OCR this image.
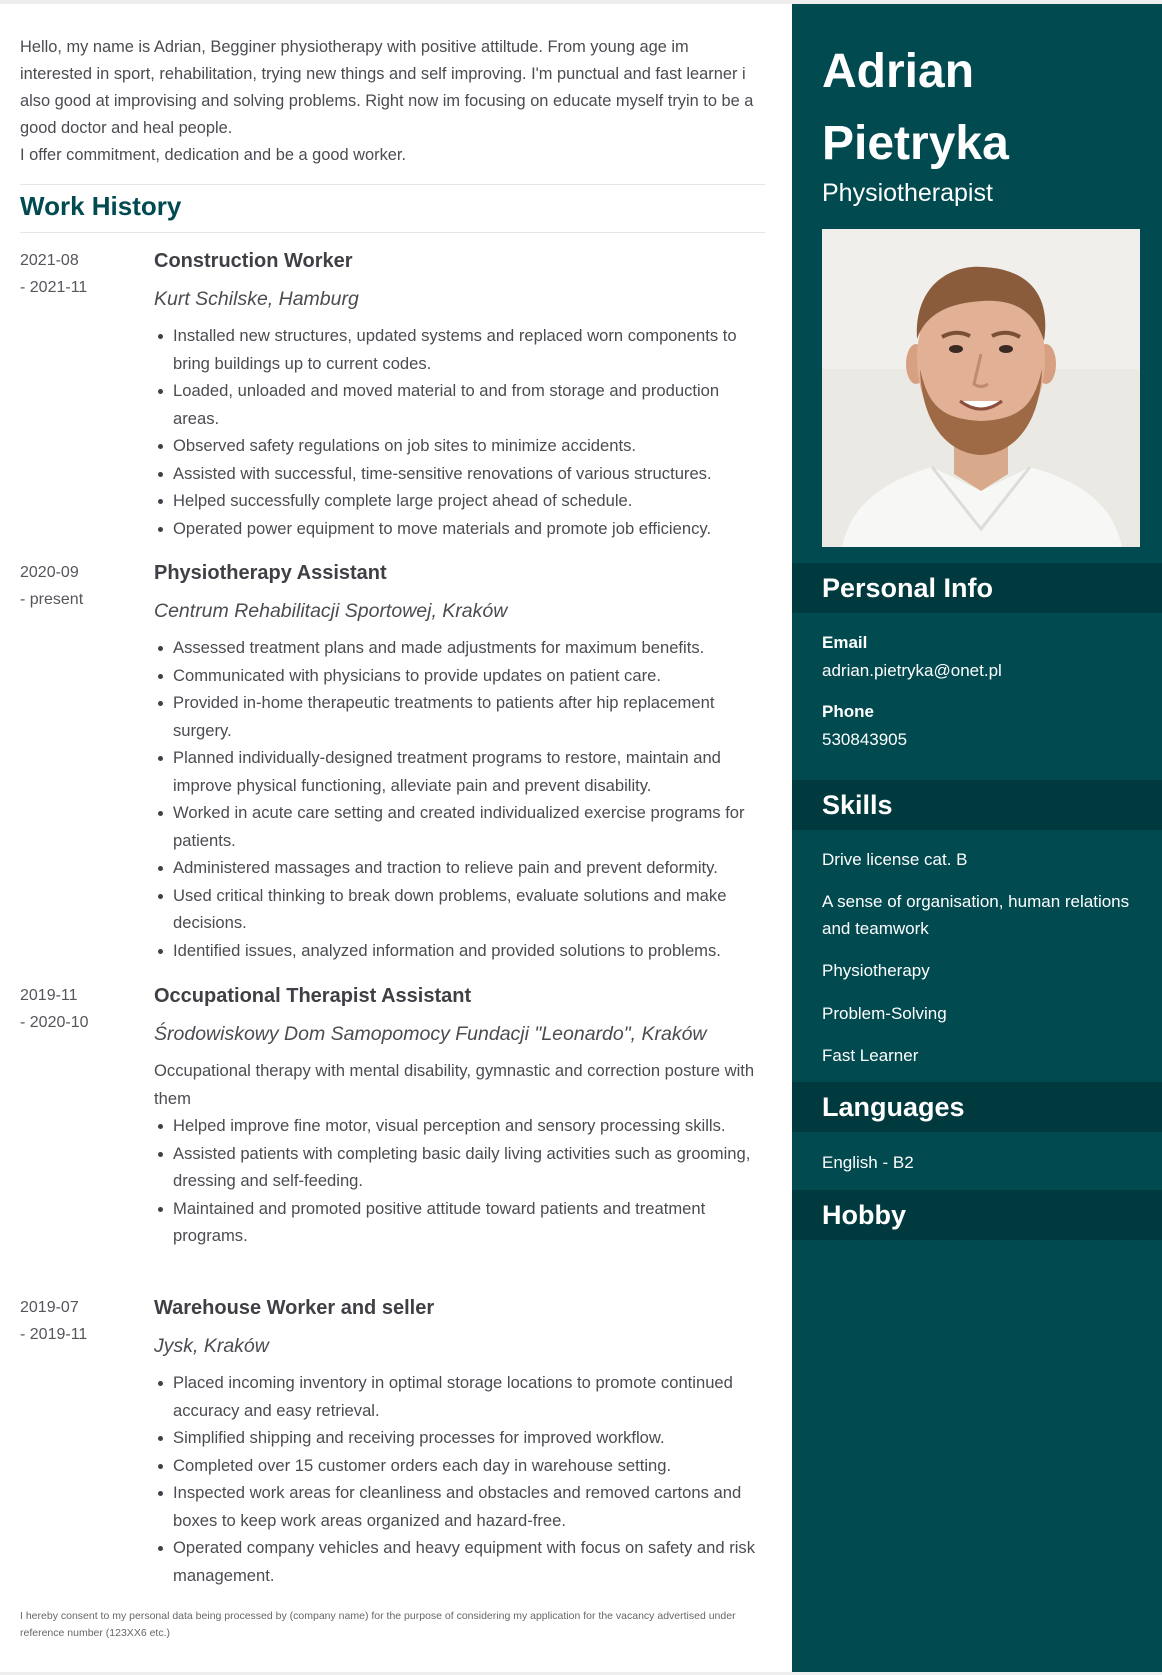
Hello, my name is Adrian, Begginer physiotherapy with positive attiltude. From young age im interested in sport, rehabilitation, trying new things and self improving. I'm punctual and fast learner i also good at improvising and solving problems. Right now im focusing on educate myself tryin to be a good doctor and heal people.

I offer commitment, dedication and be a good worker.

Work History
2021-08
- 2021-11
Construction Worker
Kurt Schilske, Hamburg
Installed new structures, updated systems and replaced worn components to bring buildings up to current codes.
Loaded, unloaded and moved material to and from storage and production areas.
Observed safety regulations on job sites to minimize accidents.
Assisted with successful, time-sensitive renovations of various structures.
Helped successfully complete large project ahead of schedule.
Operated power equipment to move materials and promote job efficiency.
2020-09
- present
Physiotherapy Assistant
Centrum Rehabilitacji Sportowej, Kraków
Assessed treatment plans and made adjustments for maximum benefits.
Communicated with physicians to provide updates on patient care.
Provided in-home therapeutic treatments to patients after hip replacement surgery.
Planned individually-designed treatment programs to restore, maintain and improve physical functioning, alleviate pain and prevent disability.
Worked in acute care setting and created individualized exercise programs for patients.
Administered massages and traction to relieve pain and prevent deformity.
Used critical thinking to break down problems, evaluate solutions and make decisions.
Identified issues, analyzed information and provided solutions to problems.
2019-11
- 2020-10
Occupational Therapist Assistant
Środowiskowy Dom Samopomocy Fundacji "Leonardo", Kraków
Occupational therapy with mental disability, gymnastic and correction posture with them
Helped improve fine motor, visual perception and sensory processing skills.
Assisted patients with completing basic daily living activities such as grooming, dressing and self-feeding.
Maintained and promoted positive attitude toward patients and treatment programs.
2019-07
- 2019-11
Warehouse Worker and seller
Jysk, Kraków
Placed incoming inventory in optimal storage locations to promote continued accuracy and easy retrieval.
Simplified shipping and receiving processes for improved workflow.
Completed over 15 customer orders each day in warehouse setting.
Inspected work areas for cleanliness and obstacles and removed cartons and boxes to keep work areas organized and hazard-free.
Operated company vehicles and heavy equipment with focus on safety and risk management.
I hereby consent to my personal data being processed by (company name) for the purpose of considering my application for the vacancy advertised under reference number (123XX6 etc.)
Adrian
Pietryka
Physiotherapist
Personal Info
Email
adrian.pietryka@onet.pl
Phone
530843905
Skills
Drive license cat. B
A sense of organisation, human relations and teamwork
Physiotherapy
Problem-Solving
Fast Learner
Languages
English - B2
Hobby
